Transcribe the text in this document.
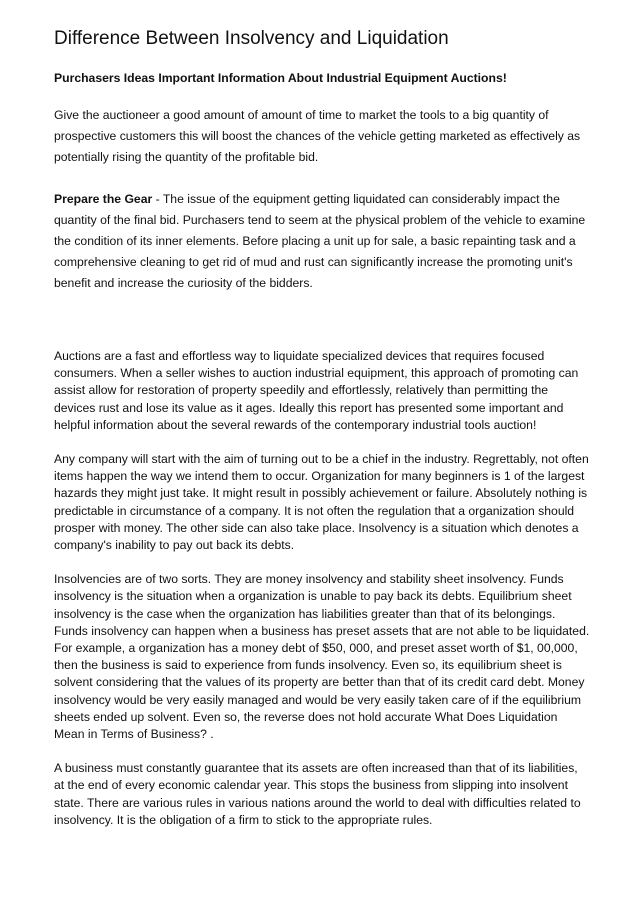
Difference Between Insolvency and Liquidation
Purchasers Ideas Important Information About Industrial Equipment Auctions!

Give the auctioneer a good amount of amount of time to market the tools to a big quantity of prospective customers this will boost the chances of the vehicle getting marketed as effectively as potentially rising the quantity of the profitable bid.

Prepare the Gear - The issue of the equipment getting liquidated can considerably impact the quantity of the final bid. Purchasers tend to seem at the physical problem of the vehicle to examine the condition of its inner elements. Before placing a unit up for sale, a basic repainting task and a comprehensive cleaning to get rid of mud and rust can significantly increase the promoting unit's benefit and increase the curiosity of the bidders.

Auctions are a fast and effortless way to liquidate specialized devices that requires focused consumers. When a seller wishes to auction industrial equipment, this approach of promoting can assist allow for restoration of property speedily and effortlessly, relatively than permitting the devices rust and lose its value as it ages. Ideally this report has presented some important and helpful information about the several rewards of the contemporary industrial tools auction!

Any company will start with the aim of turning out to be a chief in the industry. Regrettably, not often items happen the way we intend them to occur. Organization for many beginners is 1 of the largest hazards they might just take. It might result in possibly achievement or failure. Absolutely nothing is predictable in circumstance of a company. It is not often the regulation that a organization should prosper with money. The other side can also take place. Insolvency is a situation which denotes a company's inability to pay out back its debts.

Insolvencies are of two sorts. They are money insolvency and stability sheet insolvency. Funds insolvency is the situation when a organization is unable to pay back its debts. Equilibrium sheet insolvency is the case when the organization has liabilities greater than that of its belongings. Funds insolvency can happen when a business has preset assets that are not able to be liquidated. For example, a organization has a money debt of $50, 000, and preset asset worth of $1, 00,000, then the business is said to experience from funds insolvency. Even so, its equilibrium sheet is solvent considering that the values of its property are better than that of its credit card debt. Money insolvency would be very easily managed and would be very easily taken care of if the equilibrium sheets ended up solvent. Even so, the reverse does not hold accurate What Does Liquidation Mean in Terms of Business? .

A business must constantly guarantee that its assets are often increased than that of its liabilities, at the end of every economic calendar year. This stops the business from slipping into insolvent state. There are various rules in various nations around the world to deal with difficulties related to insolvency. It is the obligation of a firm to stick to the appropriate rules.
